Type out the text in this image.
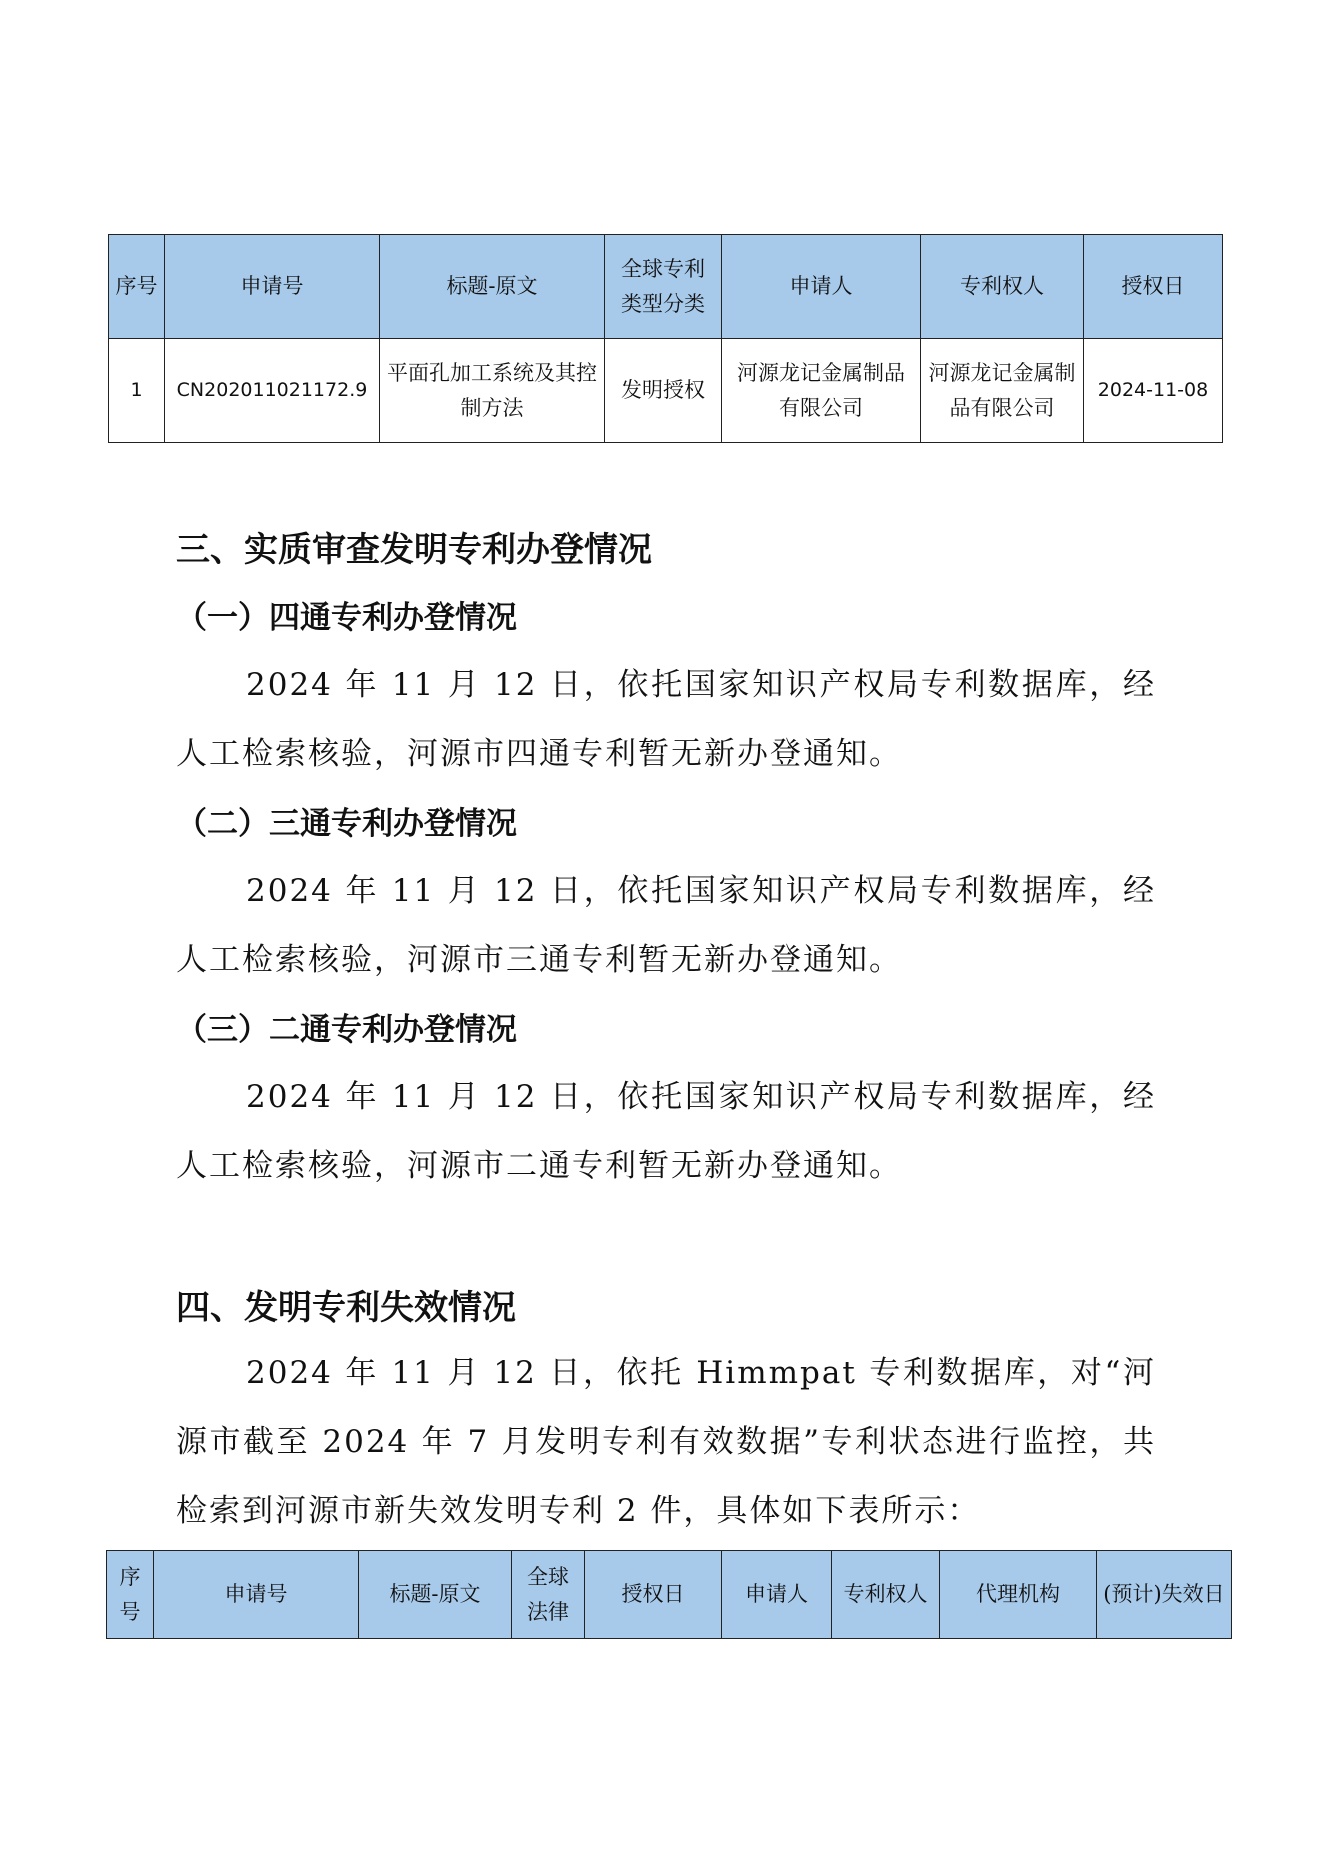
序号	申请号	标题-原文	全球专利类型分类	申请人	专利权人	授权日
1	CN202011021172.9	平面孔加工系统及其控制方法	发明授权	河源龙记金属制品有限公司	河源龙记金属制品有限公司	2024-11-08
三、实质审查发明专利办登情况
（一）四通专利办登情况

2024 年 11 月 12 日，依托国家知识产权局专利数据库，经人工检索核验，河源市四通专利暂无新办登通知。

（二）三通专利办登情况

2024 年 11 月 12 日，依托国家知识产权局专利数据库，经人工检索核验，河源市三通专利暂无新办登通知。

（三）二通专利办登情况

2024 年 11 月 12 日，依托国家知识产权局专利数据库，经人工检索核验，河源市二通专利暂无新办登通知。

四、发明专利失效情况

2024 年 11 月 12 日，依托 Himmpat 专利数据库，对“河源市截至 2024 年 7 月发明专利有效数据”专利状态进行监控，共检索到河源市新失效发明专利 2 件，具体如下表所示：

序号	申请号	标题-原文	全球法律	授权日	申请人	专利权人	代理机构	(预计)失效日
